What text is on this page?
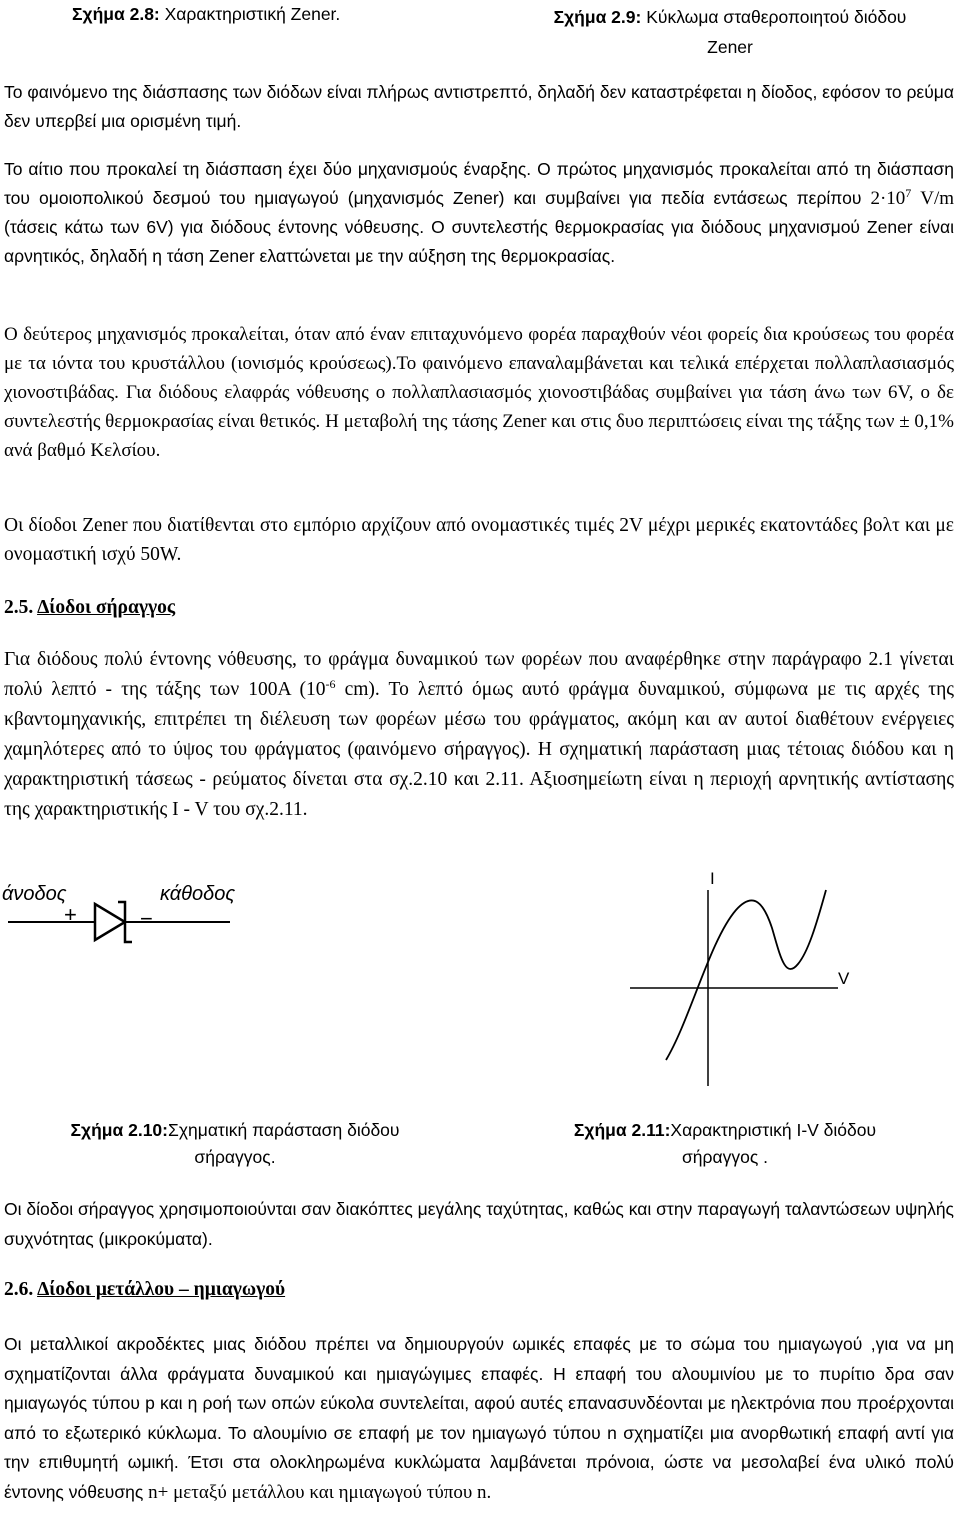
Σχήμα 2.8: Χαρακτηριστική Zener.	Σχήμα 2.9: Κύκλωμα σταθεροποιητού διόδου
Zener

Το φαινόμενο της διάσπασης των διόδων είναι πλήρως αντιστρεπτό, δηλαδή δεν καταστρέφεται η δίοδος, εφόσον το ρεύμα δεν υπερβεί μια ορισμένη τιμή.

Το αίτιο που προκαλεί τη διάσπαση έχει δύο μηχανισμούς έναρξης. Ο πρώτος μηχανισμός προκαλείται από τη διάσπαση του ομοιοπολικού δεσμού του ημιαγωγού (μηχανισμός Zener) και συμβαίνει για πεδία εντάσεως περίπου $2\cdot 10^7$ V/m (τάσεις κάτω των 6V) για διόδους έντονης νόθευσης. Ο συντελεστής θερμοκρασίας για διόδους μηχανισμού Zener είναι αρνητικός, δηλαδή η τάση Zener ελαττώνεται με την αύξηση της θερμοκρασίας.

Ο δεύτερος μηχανισμός προκαλείται, όταν από έναν επιταχυνόμενο φορέα παραχθούν νέοι φορείς δια κρούσεως του φορέα με τα ιόντα του κρυστάλλου (ιονισμός κρούσεως).Το φαινόμενο επαναλαμβάνεται και τελικά επέρχεται πολλαπλασιασμός χιονοστιβάδας. Για διόδους ελαφράς νόθευσης ο πολλαπλασιασμός χιονοστιβάδας συμβαίνει για τάση άνω των 6V, ο δε συντελεστής θερμοκρασίας είναι θετικός. Η μεταβολή της τάσης Zener και στις δυο περιπτώσεις είναι της τάξης των ± 0,1% ανά βαθμό Κελσίου.

Οι δίοδοι Zener που διατίθενται στο εμπόριο αρχίζουν από ονομαστικές τιμές 2V μέχρι μερικές εκατοντάδες βολτ και με ονομαστική ισχύ 50W.

2.5. Δίοδοι σήραγγος

Για διόδους πολύ έντονης νόθευσης, το φράγμα δυναμικού των φορέων που αναφέρθηκε στην παράγραφο 2.1 γίνεται πολύ λεπτό - της τάξης των 100Α ($10^{-6}$ cm). Το λεπτό όμως αυτό φράγμα δυναμικού, σύμφωνα με τις αρχές της κβαντομηχανικής, επιτρέπει τη διέλευση των φορέων μέσω του φράγματος, ακόμη και αν αυτοί διαθέτουν ενέργειες χαμηλότερες από το ύψος του φράγματος (φαινόμενο σήραγγος). Η σχηματική παράσταση μιας τέτοιας διόδου και η χαρακτηριστική τάσεως - ρεύματος δίνεται στα σχ.2.10 και 2.11. Αξιοσημείωτη είναι η περιοχή αρνητικής αντίστασης της χαρακτηριστικής I - V του σχ.2.11.

άνοδος
+	−
κάθοδος
I
V
Σχήμα 2.10:Σχηματική παράσταση διόδου
σήραγγος.
Σχήμα 2.11:Χαρακτηριστική I-V διόδου
σήραγγος .

Οι δίοδοι σήραγγος χρησιμοποιούνται σαν διακόπτες μεγάλης ταχύτητας, καθώς και στην παραγωγή ταλαντώσεων υψηλής συχνότητας (μικροκύματα).

2.6. Δίοδοι μετάλλου – ημιαγωγού

Οι μεταλλικοί ακροδέκτες μιας διόδου πρέπει να δημιουργούν ωμικές επαφές με το σώμα του ημιαγωγού ,για να μη σχηματίζονται άλλα φράγματα δυναμικού και ημιαγώγιμες επαφές. Η επαφή του αλουμινίου με το πυρίτιο δρα σαν ημιαγωγός τύπου p και η ροή των οπών εύκολα συντελείται, αφού αυτές επανασυνδέονται με ηλεκτρόνια που προέρχονται από το εξωτερικό κύκλωμα. Το αλουμίνιο σε επαφή με τον ημιαγωγό τύπου n σχηματίζει μια ανορθωτική επαφή αντί για την επιθυμητή ωμική. Έτσι στα ολοκληρωμένα κυκλώματα λαμβάνεται πρόνοια, ώστε να μεσολαβεί ένα υλικό πολύ έντονης νόθευσης n+ μεταξύ μετάλλου και ημιαγωγού τύπου n.
